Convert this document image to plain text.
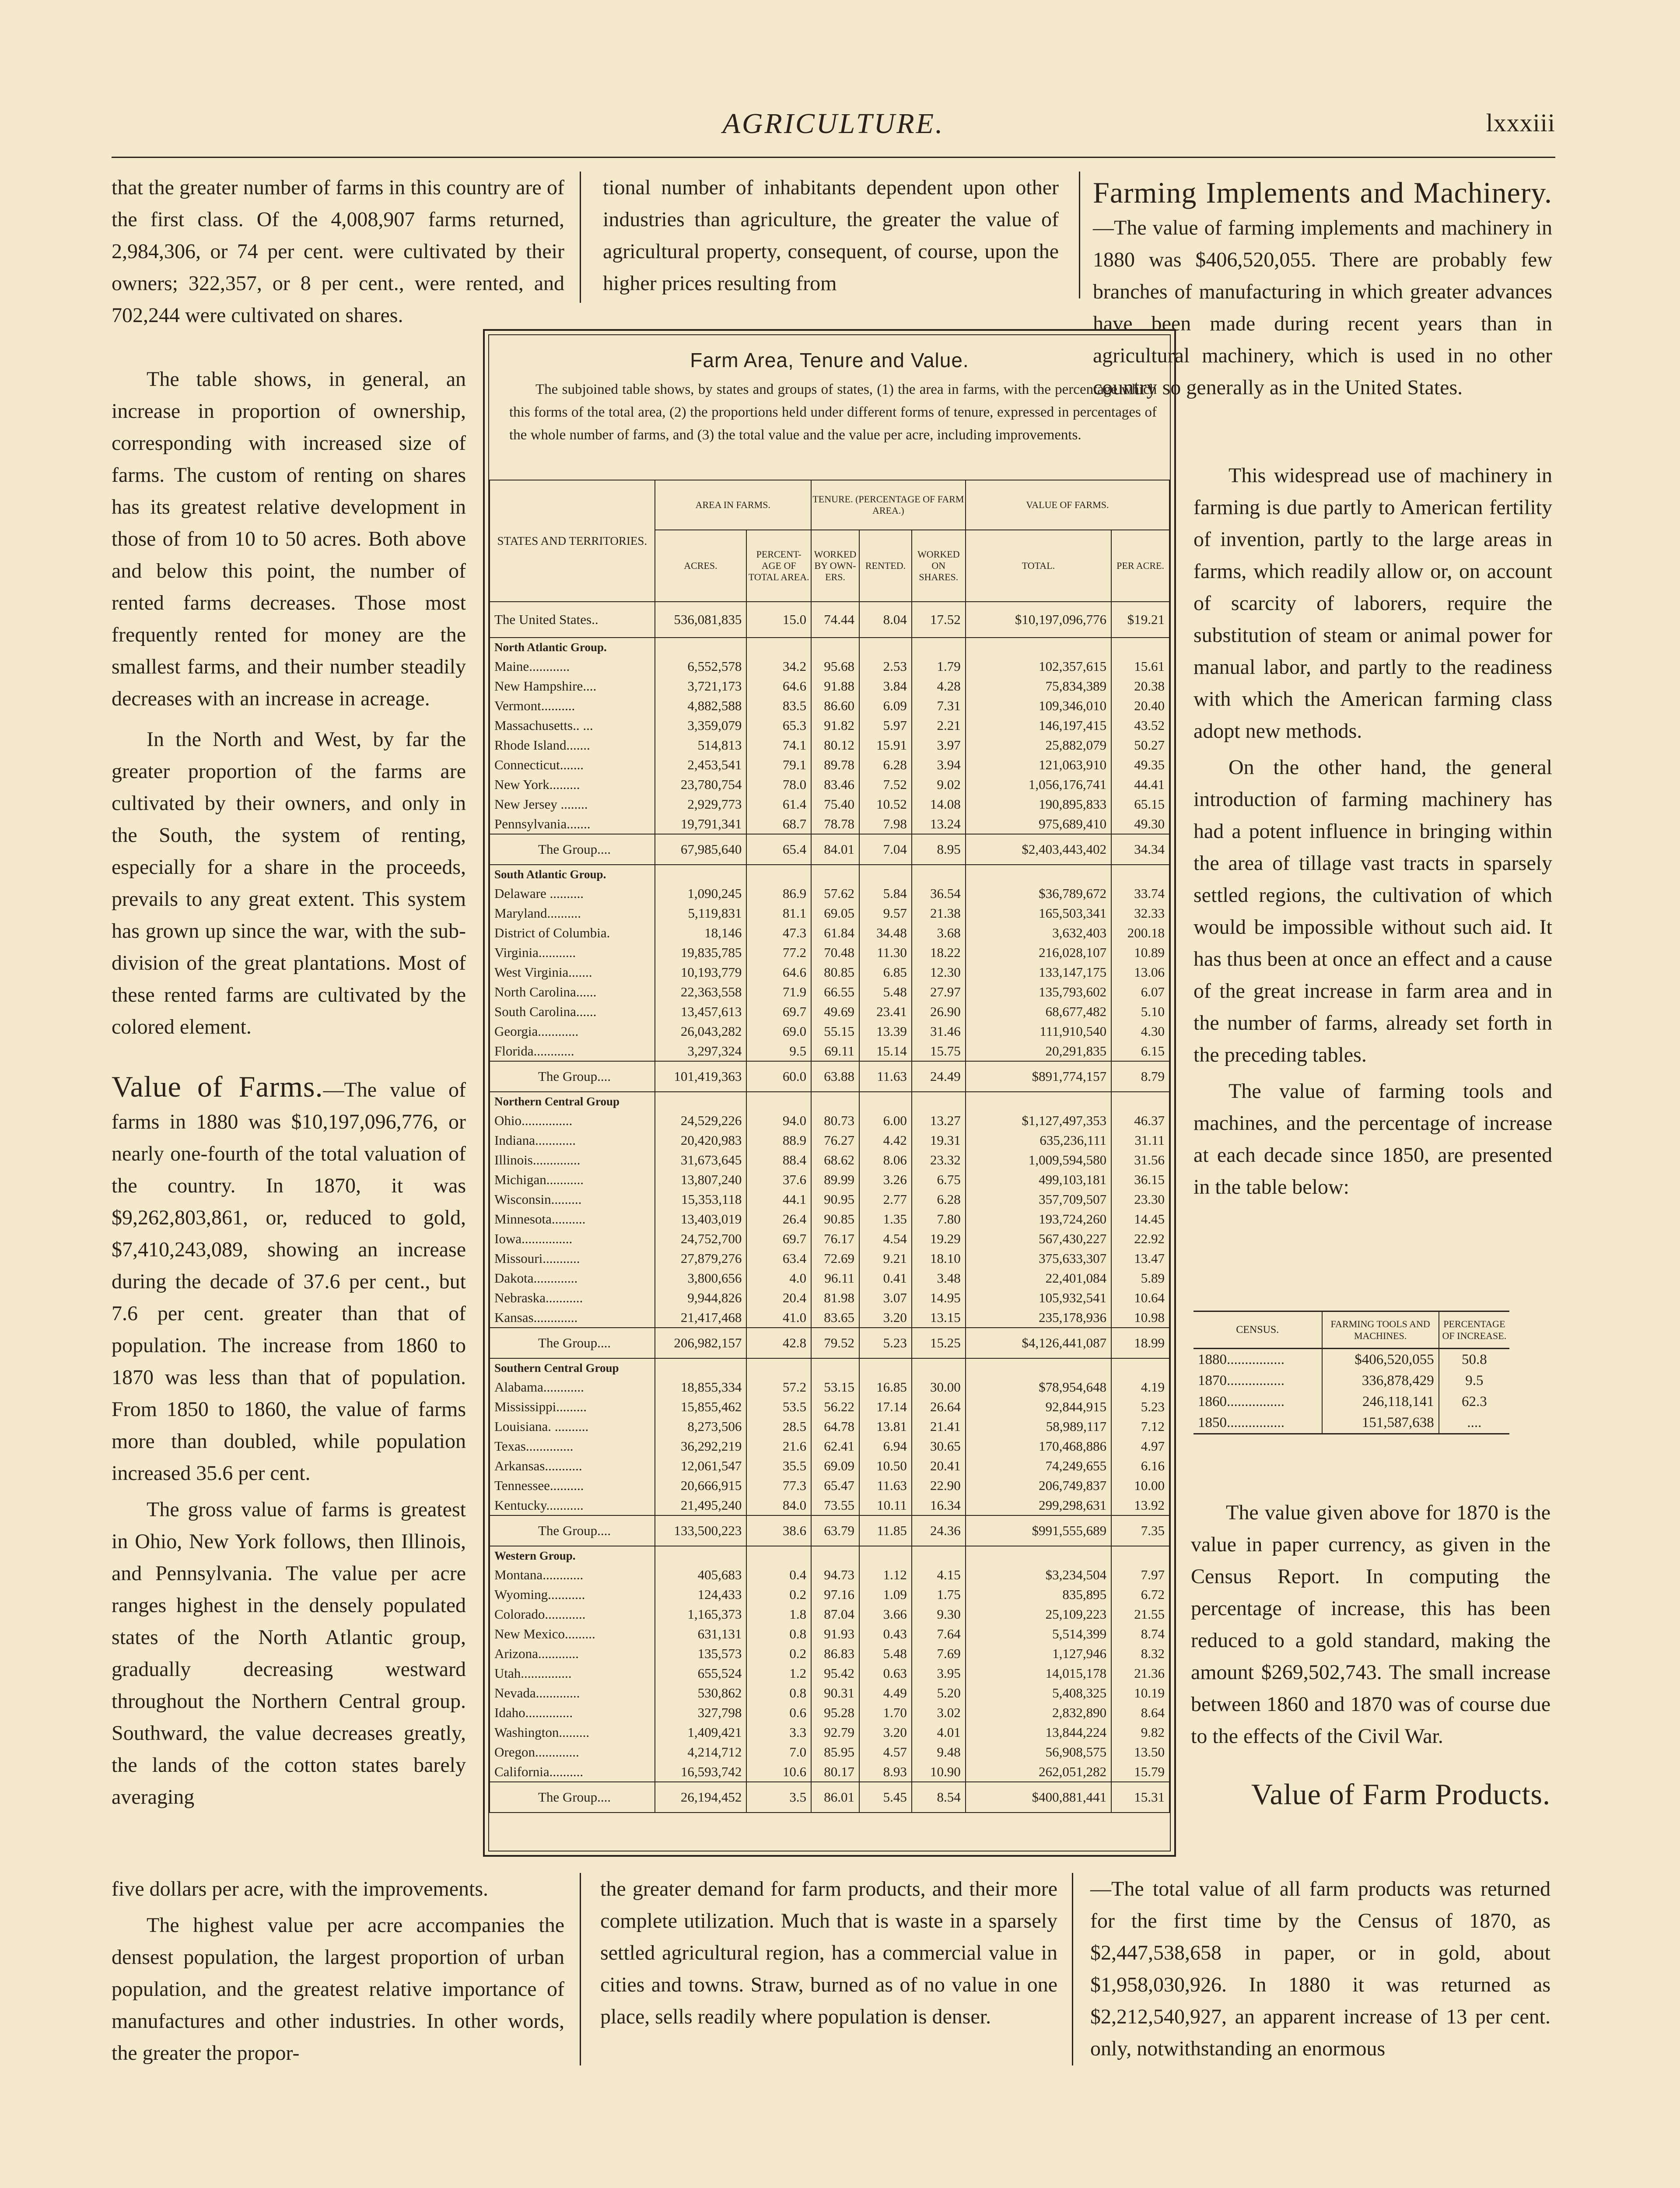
AGRICULTURE.	lxxxiii

that the greater number of farms in this country are of the first class. Of the 4,008,907 farms returned, 2,984,306, or 74 per cent. were cultivated by their owners; 322,357, or 8 per cent., were rented, and 702,244 were cultivated on shares.

The table shows, in general, an increase in proportion of ownership, corresponding with increased size of farms. The custom of renting on shares has its greatest relative development in those of from 10 to 50 acres. Both above and below this point, the number of rented farms decreases. Those most frequently rented for money are the smallest farms, and their number steadily decreases with an increase in acreage.

In the North and West, by far the greater proportion of the farms are cultivated by their owners, and only in the South, the system of renting, especially for a share in the proceeds, prevails to any great extent. This system has grown up since the war, with the sub-division of the great plantations. Most of these rented farms are cultivated by the colored element.

Value of Farms.—The value of farms in 1880 was $10,197,096,776, or nearly one-fourth of the total valuation of the country. In 1870, it was $9,262,803,861, or, reduced to gold, $7,410,243,089, showing an increase during the decade of 37.6 per cent., but 7.6 per cent. greater than that of population. The increase from 1860 to 1870 was less than that of population. From 1850 to 1860, the value of farms more than doubled, while population increased 35.6 per cent.

The gross value of farms is greatest in Ohio, New York follows, then Illinois, and Pennsylvania. The value per acre ranges highest in the densely populated states of the North Atlantic group, gradually decreasing westward throughout the Northern Central group. Southward, the value decreases greatly, the lands of the cotton states barely averaging

five dollars per acre, with the improvements.

The highest value per acre accompanies the densest population, the largest proportion of urban population, and the greatest relative importance of manufactures and other industries. In other words, the greater the propor-

tional number of inhabitants dependent upon other industries than agriculture, the greater the value of agricultural property, consequent, of course, upon the higher prices resulting from

the greater demand for farm products, and their more complete utilization. Much that is waste in a sparsely settled agricultural region, has a commercial value in cities and towns. Straw, burned as of no value in one place, sells readily where population is denser.

Farming Implements and Machinery.—The value of farming implements and machinery in 1880 was $406,520,055. There are probably few branches of manufacturing in which greater advances have been made during recent years than in agricultural machinery, which is used in no other country so generally as in the United States.

This widespread use of machinery in farming is due partly to American fertility of invention, partly to the large areas in farms, which readily allow or, on account of scarcity of laborers, require the substitution of steam or animal power for manual labor, and partly to the readiness with which the American farming class adopt new methods.

On the other hand, the general introduction of farming machinery has had a potent influence in bringing within the area of tillage vast tracts in sparsely settled regions, the cultivation of which would be impossible without such aid. It has thus been at once an effect and a cause of the great increase in farm area and in the number of farms, already set forth in the preceding tables.

The value of farming tools and machines, and the percentage of increase at each decade since 1850, are presented in the table below:

The value given above for 1870 is the value in paper currency, as given in the Census Report. In computing the percentage of increase, this has been reduced to a gold standard, making the amount $269,502,743. The small increase between 1860 and 1870 was of course due to the effects of the Civil War.

Value of Farm Products.

—The total value of all farm products was returned for the first time by the Census of 1870, as $2,447,538,658 in paper, or in gold, about $1,958,030,926. In 1880 it was returned as $2,212,540,927, an apparent increase of 13 per cent. only, notwithstanding an enormous

Farm Area, Tenure and Value.
The subjoined table shows, by states and groups of states, (1) the area in farms, with the percentage which this forms of the total area, (2) the proportions held under different forms of tenure, expressed in percentages of the whole number of farms, and (3) the total value and the value per acre, including improvements.
STATES AND TERRITORIES.	AREA IN FARMS.		TENURE. (PERCENTAGE OF FARM AREA.)			VALUE OF FARMS.	
	ACRES.	PERCENT-AGE OF TOTAL AREA.	WORKED BY OWN-ERS.	RENTED.	WORKED ON SHARES.	TOTAL.	PER ACRE.
The United States..	536,081,835	15.0	74.44	8.04	17.52	$10,197,096,776	$19.21
North Atlantic Group.							
Maine............	6,552,578	34.2	95.68	2.53	1.79	102,357,615	15.61
New Hampshire....	3,721,173	64.6	91.88	3.84	4.28	75,834,389	20.38
Vermont..........	4,882,588	83.5	86.60	6.09	7.31	109,346,010	20.40
Massachusetts.. ...	3,359,079	65.3	91.82	5.97	2.21	146,197,415	43.52
Rhode Island.......	514,813	74.1	80.12	15.91	3.97	25,882,079	50.27
Connecticut.......	2,453,541	79.1	89.78	6.28	3.94	121,063,910	49.35
New York.........	23,780,754	78.0	83.46	7.52	9.02	1,056,176,741	44.41
New Jersey ........	2,929,773	61.4	75.40	10.52	14.08	190,895,833	65.15
Pennsylvania.......	19,791,341	68.7	78.78	7.98	13.24	975,689,410	49.30
The Group....	67,985,640	65.4	84.01	7.04	8.95	$2,403,443,402	34.34
South Atlantic Group.							
Delaware ..........	1,090,245	86.9	57.62	5.84	36.54	$36,789,672	33.74
Maryland..........	5,119,831	81.1	69.05	9.57	21.38	165,503,341	32.33
District of Columbia.	18,146	47.3	61.84	34.48	3.68	3,632,403	200.18
Virginia...........	19,835,785	77.2	70.48	11.30	18.22	216,028,107	10.89
West Virginia.......	10,193,779	64.6	80.85	6.85	12.30	133,147,175	13.06
North Carolina......	22,363,558	71.9	66.55	5.48	27.97	135,793,602	6.07
South Carolina......	13,457,613	69.7	49.69	23.41	26.90	68,677,482	5.10
Georgia............	26,043,282	69.0	55.15	13.39	31.46	111,910,540	4.30
Florida............	3,297,324	9.5	69.11	15.14	15.75	20,291,835	6.15
The Group....	101,419,363	60.0	63.88	11.63	24.49	$891,774,157	8.79
Northern Central Group							
Ohio...............	24,529,226	94.0	80.73	6.00	13.27	$1,127,497,353	46.37
Indiana............	20,420,983	88.9	76.27	4.42	19.31	635,236,111	31.11
Illinois..............	31,673,645	88.4	68.62	8.06	23.32	1,009,594,580	31.56
Michigan...........	13,807,240	37.6	89.99	3.26	6.75	499,103,181	36.15
Wisconsin.........	15,353,118	44.1	90.95	2.77	6.28	357,709,507	23.30
Minnesota..........	13,403,019	26.4	90.85	1.35	7.80	193,724,260	14.45
Iowa...............	24,752,700	69.7	76.17	4.54	19.29	567,430,227	22.92
Missouri...........	27,879,276	63.4	72.69	9.21	18.10	375,633,307	13.47
Dakota.............	3,800,656	4.0	96.11	0.41	3.48	22,401,084	5.89
Nebraska...........	9,944,826	20.4	81.98	3.07	14.95	105,932,541	10.64
Kansas.............	21,417,468	41.0	83.65	3.20	13.15	235,178,936	10.98
The Group....	206,982,157	42.8	79.52	5.23	15.25	$4,126,441,087	18.99
Southern Central Group							
Alabama............	18,855,334	57.2	53.15	16.85	30.00	$78,954,648	4.19
Mississippi.........	15,855,462	53.5	56.22	17.14	26.64	92,844,915	5.23
Louisiana. ..........	8,273,506	28.5	64.78	13.81	21.41	58,989,117	7.12
Texas..............	36,292,219	21.6	62.41	6.94	30.65	170,468,886	4.97
Arkansas...........	12,061,547	35.5	69.09	10.50	20.41	74,249,655	6.16
Tennessee..........	20,666,915	77.3	65.47	11.63	22.90	206,749,837	10.00
Kentucky...........	21,495,240	84.0	73.55	10.11	16.34	299,298,631	13.92
The Group....	133,500,223	38.6	63.79	11.85	24.36	$991,555,689	7.35
Western Group.							
Montana............	405,683	0.4	94.73	1.12	4.15	$3,234,504	7.97
Wyoming...........	124,433	0.2	97.16	1.09	1.75	835,895	6.72
Colorado............	1,165,373	1.8	87.04	3.66	9.30	25,109,223	21.55
New Mexico.........	631,131	0.8	91.93	0.43	7.64	5,514,399	8.74
Arizona............	135,573	0.2	86.83	5.48	7.69	1,127,946	8.32
Utah...............	655,524	1.2	95.42	0.63	3.95	14,015,178	21.36
Nevada.............	530,862	0.8	90.31	4.49	5.20	5,408,325	10.19
Idaho..............	327,798	0.6	95.28	1.70	3.02	2,832,890	8.64
Washington.........	1,409,421	3.3	92.79	3.20	4.01	13,844,224	9.82
Oregon.............	4,214,712	7.0	85.95	4.57	9.48	56,908,575	13.50
California..........	16,593,742	10.6	80.17	8.93	10.90	262,051,282	15.79
The Group....	26,194,452	3.5	86.01	5.45	8.54	$400,881,441	15.31
CENSUS.	FARMING TOOLS AND MACHINES.	PERCENTAGE OF INCREASE.
1880................	$406,520,055	50.8
1870................	336,878,429	9.5
1860................	246,118,141	62.3
1850................	151,587,638	....
